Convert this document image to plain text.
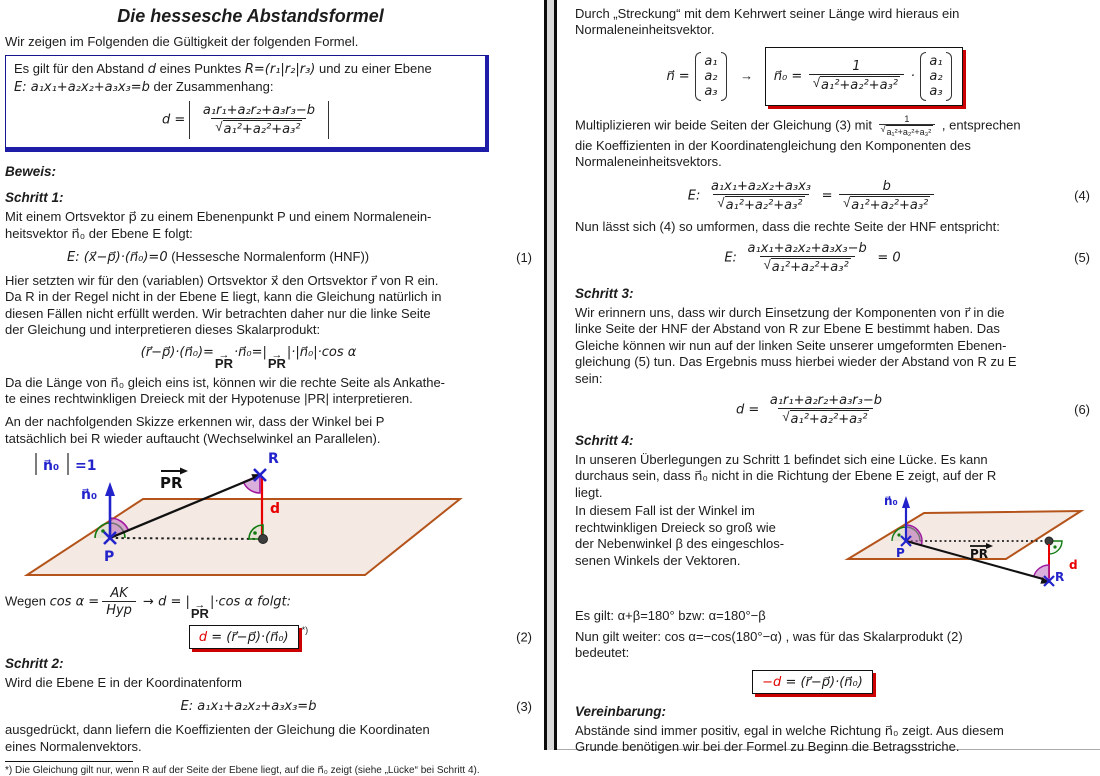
Die hessesche Abstandsformel

Wir zeigen im Folgenden die Gültigkeit der folgenden Formel.

Es gilt für den Abstand d eines Punktes R=(r₁|r₂|r₃) und zu einer Ebene
E: a₁x₁+a₂x₂+a₃x₃=b der Zusammenhang:
$d = \frac{\text{a₁r₁+a₂r₂+a₃r₃−b}}{\text{√ a₁²+a₂²+a₃²}}$
Beweis:
Schritt 1:
Mit einem Ortsvektor p⃗ zu einem Ebenenpunkt P und einem Normalenein-
heitsvektor n⃗₀ der Ebene E folgt:
E: (x⃗−p⃗)·(n⃗₀)=0 (Hessesche Normalenform (HNF))	(1)
Hier setzten wir für den (variablen) Ortsvektor x⃗ den Ortsvektor r⃗ von R ein.
Da R in der Regel nicht in der Ebene E liegt, kann die Gleichung natürlich in
diesen Fällen nicht erfüllt werden. Wir betrachten daher nur die linke Seite
der Gleichung und interpretieren dieses Skalarprodukt:
(r⃗−p⃗)·(n⃗₀)=
→ PR
·n⃗₀=|
→ PR
|·|n⃗₀|·cos α
Da die Länge von n⃗₀ gleich eins ist, können wir die rechte Seite als Ankathe-
te eines rechtwinkligen Dreieck mit der Hypotenuse |PR| interpretieren.
An der nachfolgenden Skizze erkennen wir, dass der Winkel bei P
tatsächlich bei R wieder auftaucht (Wechselwinkel an Parallelen).
n⃗₀ =1
n⃗₀
PR
P
R
d
Wegen $\cos \alpha = \frac{AK}{\text{Hyp}} \to d$ = |
→ PR
|·cos α folgt:
d = (r⃗−p⃗)·(n⃗₀) *)	(2)
Schritt 2:
Wird die Ebene E in der Koordinatenform
E: a₁x₁+a₂x₂+a₃x₃=b	(3)
ausgedrückt, dann liefern die Koeffizienten der Gleichung die Koordinaten
eines Normalenvektors.
*) Die Gleichung gilt nur, wenn R auf der Seite der Ebene liegt, auf die n⃗₀ zeigt (siehe „Lücke“ bei Schritt 4).
Durch „Streckung“ mit dem Kehrwert seiner Länge wird hieraus ein
Normaleneinheitsvektor.
n⃗ =
a₁
a₂
a₃
→ n⃗₀ = $\frac{1}{\text{√ a₁²+a₂²+a₃²}}$ ·
a₁
a₂
a₃
Multiplizieren wir beide Seiten der Gleichung (3) mit $\frac{1}{\text{√ a₁²+a₂²+a₃²}}$ , entsprechen
die Koeffizienten in der Koordinatengleichung den Komponenten des
Normaleneinheitsvektors.
E: $\frac{\text{a₁x₁+a₂x₂+a₃x₃}}{\text{√ a₁²+a₂²+a₃²}} = \frac{b}{\text{√ a₁²+a₂²+a₃²}}$	(4)
Nun lässt sich (4) so umformen, dass die rechte Seite der HNF entspricht:
E: $\frac{\text{a₁x₁+a₂x₂+a₃x₃−b}}{\text{√ a₁²+a₂²+a₃²}} = 0$	(5)
Schritt 3:
Wir erinnern uns, dass wir durch Einsetzung der Komponenten von r⃗ in die
linke Seite der HNF der Abstand von R zur Ebene E bestimmt haben. Das
Gleiche können wir nun auf der linken Seite unserer umgeformten Ebenen-
gleichung (5) tun. Das Ergebnis muss hierbei wieder der Abstand von R zu E
sein:
$d = \frac{\text{a₁r₁+a₂r₂+a₃r₃−b}}{\text{√ a₁²+a₂²+a₃²}}$	(6)
Schritt 4:
In unseren Überlegungen zu Schritt 1 befindet sich eine Lücke. Es kann
durchaus sein, dass n⃗₀ nicht in die Richtung der Ebene E zeigt, auf der R
liegt.
In diesem Fall ist der Winkel im
rechtwinkligen Dreieck so groß wie
der Nebenwinkel β des eingeschlos-
senen Winkels der Vektoren.
n⃗₀
P	PR
R
d
Es gilt: α+β=180° bzw: α=180°−β
Nun gilt weiter: cos α=−cos(180°−α) , was für das Skalarprodukt (2)
bedeutet:
−d = (r⃗−p⃗)·(n⃗₀)
Vereinbarung:
Abstände sind immer positiv, egal in welche Richtung n⃗₀ zeigt. Aus diesem
Grunde benötigen wir bei der Formel zu Beginn die Betragsstriche.
